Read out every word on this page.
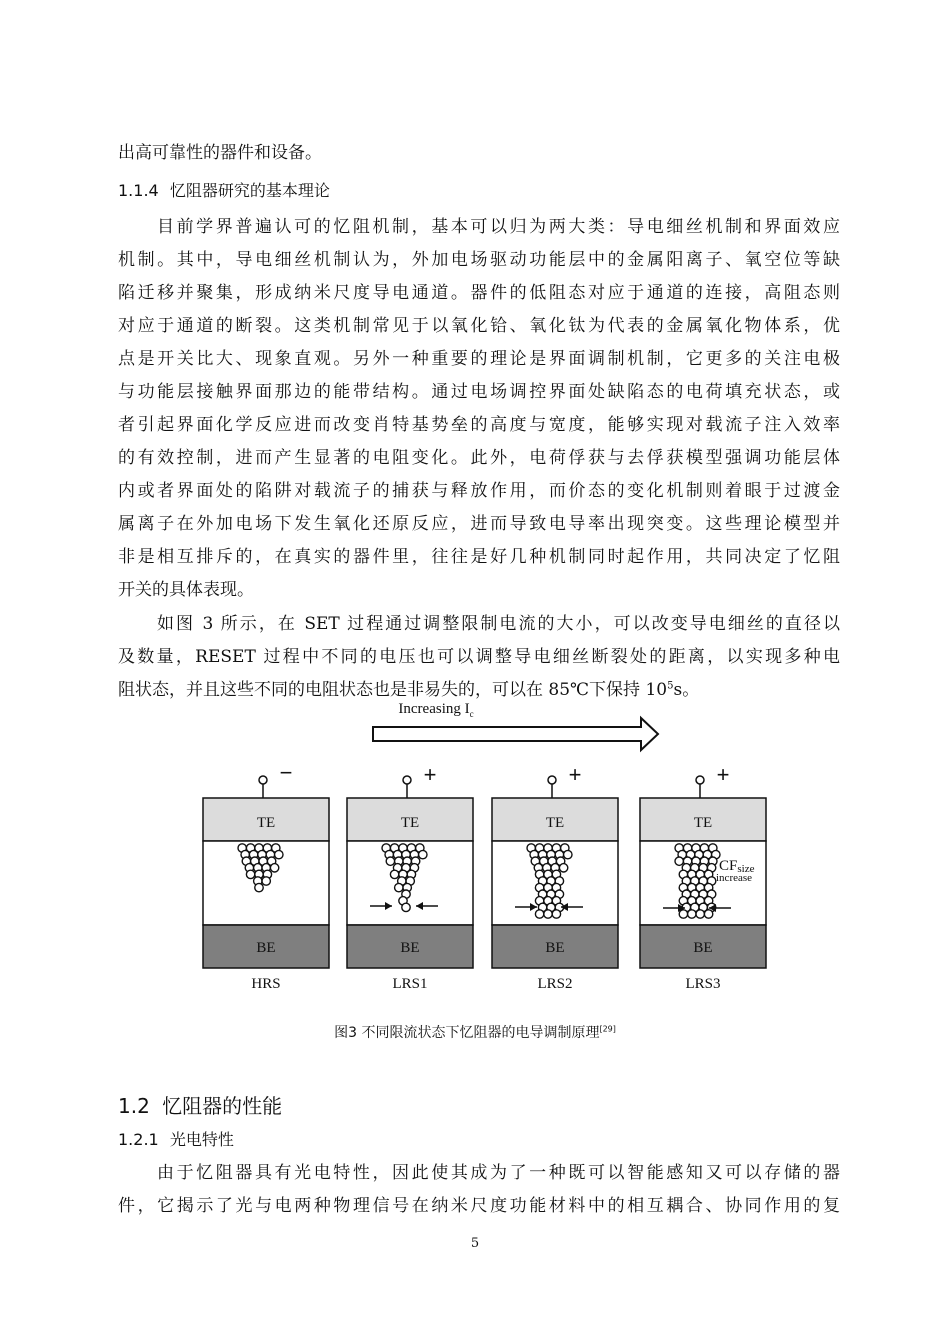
出高可靠性的器件和设备。
1.1.4 忆阻器研究的基本理论
目前学界普遍认可的忆阻机制，基本可以归为两大类：导电细丝机制和界面效应
机制。其中，导电细丝机制认为，外加电场驱动功能层中的金属阳离子、氧空位等缺
陷迁移并聚集，形成纳米尺度导电通道。器件的低阻态对应于通道的连接，高阻态则
对应于通道的断裂。这类机制常见于以氧化铪、氧化钛为代表的金属氧化物体系，优
点是开关比大、现象直观。另外一种重要的理论是界面调制机制，它更多的关注电极
与功能层接触界面那边的能带结构。通过电场调控界面处缺陷态的电荷填充状态，或
者引起界面化学反应进而改变肖特基势垒的高度与宽度，能够实现对载流子注入效率
的有效控制，进而产生显著的电阻变化。此外，电荷俘获与去俘获模型强调功能层体
内或者界面处的陷阱对载流子的捕获与释放作用，而价态的变化机制则着眼于过渡金
属离子在外加电场下发生氧化还原反应，进而导致电导率出现突变。这些理论模型并
非是相互排斥的，在真实的器件里，往往是好几种机制同时起作用，共同决定了忆阻
开关的具体表现。
如图 3 所示，在 SET 过程通过调整限制电流的大小，可以改变导电细丝的直径以
及数量，RESET 过程中不同的电压也可以调整导电细丝断裂处的距离，以实现多种电
阻状态，并且这些不同的电阻状态也是非易失的，可以在 85℃下保持 $10^5s$。
Increasing $I_c$
−
TE
BE
HRS
+
TE
BE
LRS1
+
TE
BE
LRS2
+
TE
BE
CFsize
increase
LRS3
图3 不同限流状态下忆阻器的电导调制原理[29]
1.2 忆阻器的性能
1.2.1 光电特性
由于忆阻器具有光电特性，因此使其成为了一种既可以智能感知又可以存储的器
件，它揭示了光与电两种物理信号在纳米尺度功能材料中的相互耦合、协同作用的复
5
